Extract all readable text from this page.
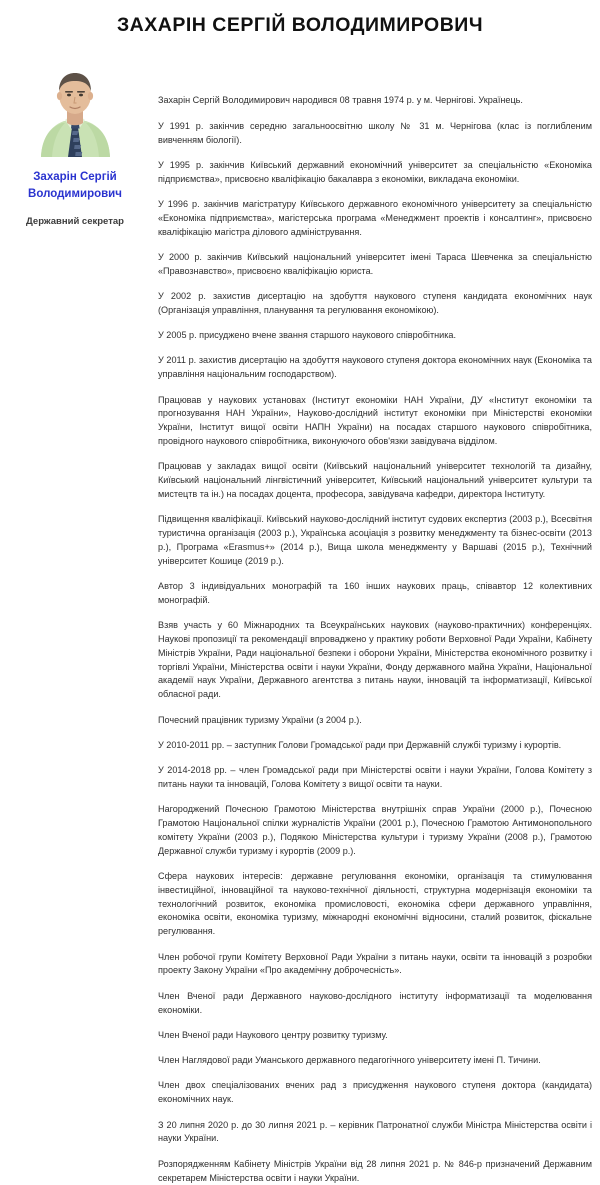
ЗАХАРІН СЕРГІЙ ВОЛОДИМИРОВИЧ
Захарін Сергій Володимирович
Державний секретар

Захарін Сергій Володимирович народився 08 травня 1974 р. у м. Чернігові. Українець.

У 1991 р. закінчив середню загальноосвітню школу № 31 м. Чернігова (клас із поглибленим вивченням біології).

У 1995 р. закінчив Київський державний економічний університет за спеціальністю «Економіка підприємства», присвоєно кваліфікацію бакалавра з економіки, викладача економіки.

У 1996 р. закінчив магістратуру Київського державного економічного університету за спеціальністю «Економіка підприємства», магістерська програма «Менеджмент проектів і консалтинг», присвоєно кваліфікацію магістра ділового адміністрування.

У 2000 р. закінчив Київський національний університет імені Тараса Шевченка за спеціальністю «Правознавство», присвоєно кваліфікацію юриста.

У 2002 р. захистив дисертацію на здобуття наукового ступеня кандидата економічних наук (Організація управління, планування та регулювання економікою).

У 2005 р. присуджено вчене звання старшого наукового співробітника.

У 2011 р. захистив дисертацію на здобуття наукового ступеня доктора економічних наук (Економіка та управління національним господарством).

Працював у наукових установах (Інститут економіки НАН України, ДУ «Інститут економіки та прогнозування НАН України», Науково-дослідний інститут економіки при Міністерстві економіки України, Інститут вищої освіти НАПН України) на посадах старшого наукового співробітника, провідного наукового співробітника, виконуючого обов'язки завідувача відділом.

Працював у закладах вищої освіти (Київський національний університет технологій та дизайну, Київський національний лінгвістичний університет, Київський національний університет культури та мистецтв та ін.) на посадах доцента, професора, завідувача кафедри, директора Інституту.

Підвищення кваліфікації. Київський науково-дослідний інститут судових експертиз (2003 р.), Всесвітня туристична організація (2003 р.), Українська асоціація з розвитку менеджменту та бізнес-освіти (2013 р.), Програма «Erasmus+» (2014 р.), Вища школа менеджменту у Варшаві (2015 р.), Технічний університет Кошице (2019 р.).

Автор 3 індивідуальних монографій та 160 інших наукових праць, співавтор 12 колективних монографій.

Взяв участь у 60 Міжнародних та Всеукраїнських наукових (науково-практичних) конференціях. Наукові пропозиції та рекомендації впроваджено у практику роботи Верховної Ради України, Кабінету Міністрів України, Ради національної безпеки і оборони України, Міністерства економічного розвитку і торгівлі України, Міністерства освіти і науки України, Фонду державного майна України, Національної академії наук України, Державного агентства з питань науки, інновацій та інформатизації, Київської обласної ради.

Почесний працівник туризму України (з 2004 р.).

У 2010-2011 рр. – заступник Голови Громадської ради при Державній службі туризму і курортів.

У 2014-2018 рр. – член Громадської ради при Міністерстві освіти і науки України, Голова Комітету з питань науки та інновацій, Голова Комітету з вищої освіти та науки.

Нагороджений Почесною Грамотою Міністерства внутрішніх справ України (2000 р.), Почесною Грамотою Національної спілки журналістів України (2001 р.), Почесною Грамотою Антимонопольного комітету України (2003 р.), Подякою Міністерства культури і туризму України (2008 р.), Грамотою Державної служби туризму і курортів (2009 р.).

Сфера наукових інтересів: державне регулювання економіки, організація та стимулювання інвестиційної, інноваційної та науково-технічної діяльності, структурна модернізація економіки та технологічний розвиток, економіка промисловості, економіка сфери державного управління, економіка освіти, економіка туризму, міжнародні економічні відносини, сталий розвиток, фіскальне регулювання.

Член робочої групи Комітету Верховної Ради України з питань науки, освіти та інновацій з розробки проекту Закону України «Про академічну доброчесність».

Член Вченої ради Державного науково-дослідного інституту інформатизації та моделювання економіки.

Член Вченої ради Наукового центру розвитку туризму.

Член Наглядової ради Уманського державного педагогічного університету імені П. Тичини.

Член двох спеціалізованих вчених рад з присудження наукового ступеня доктора (кандидата) економічних наук.

З 20 липня 2020 р. до 30 липня 2021 р. – керівник Патронатної служби Міністра Міністерства освіти і науки України.

Розпорядженням Кабінету Міністрів України від 28 липня 2021 р. № 846-р призначений Державним секретарем Міністерства освіти і науки України.
